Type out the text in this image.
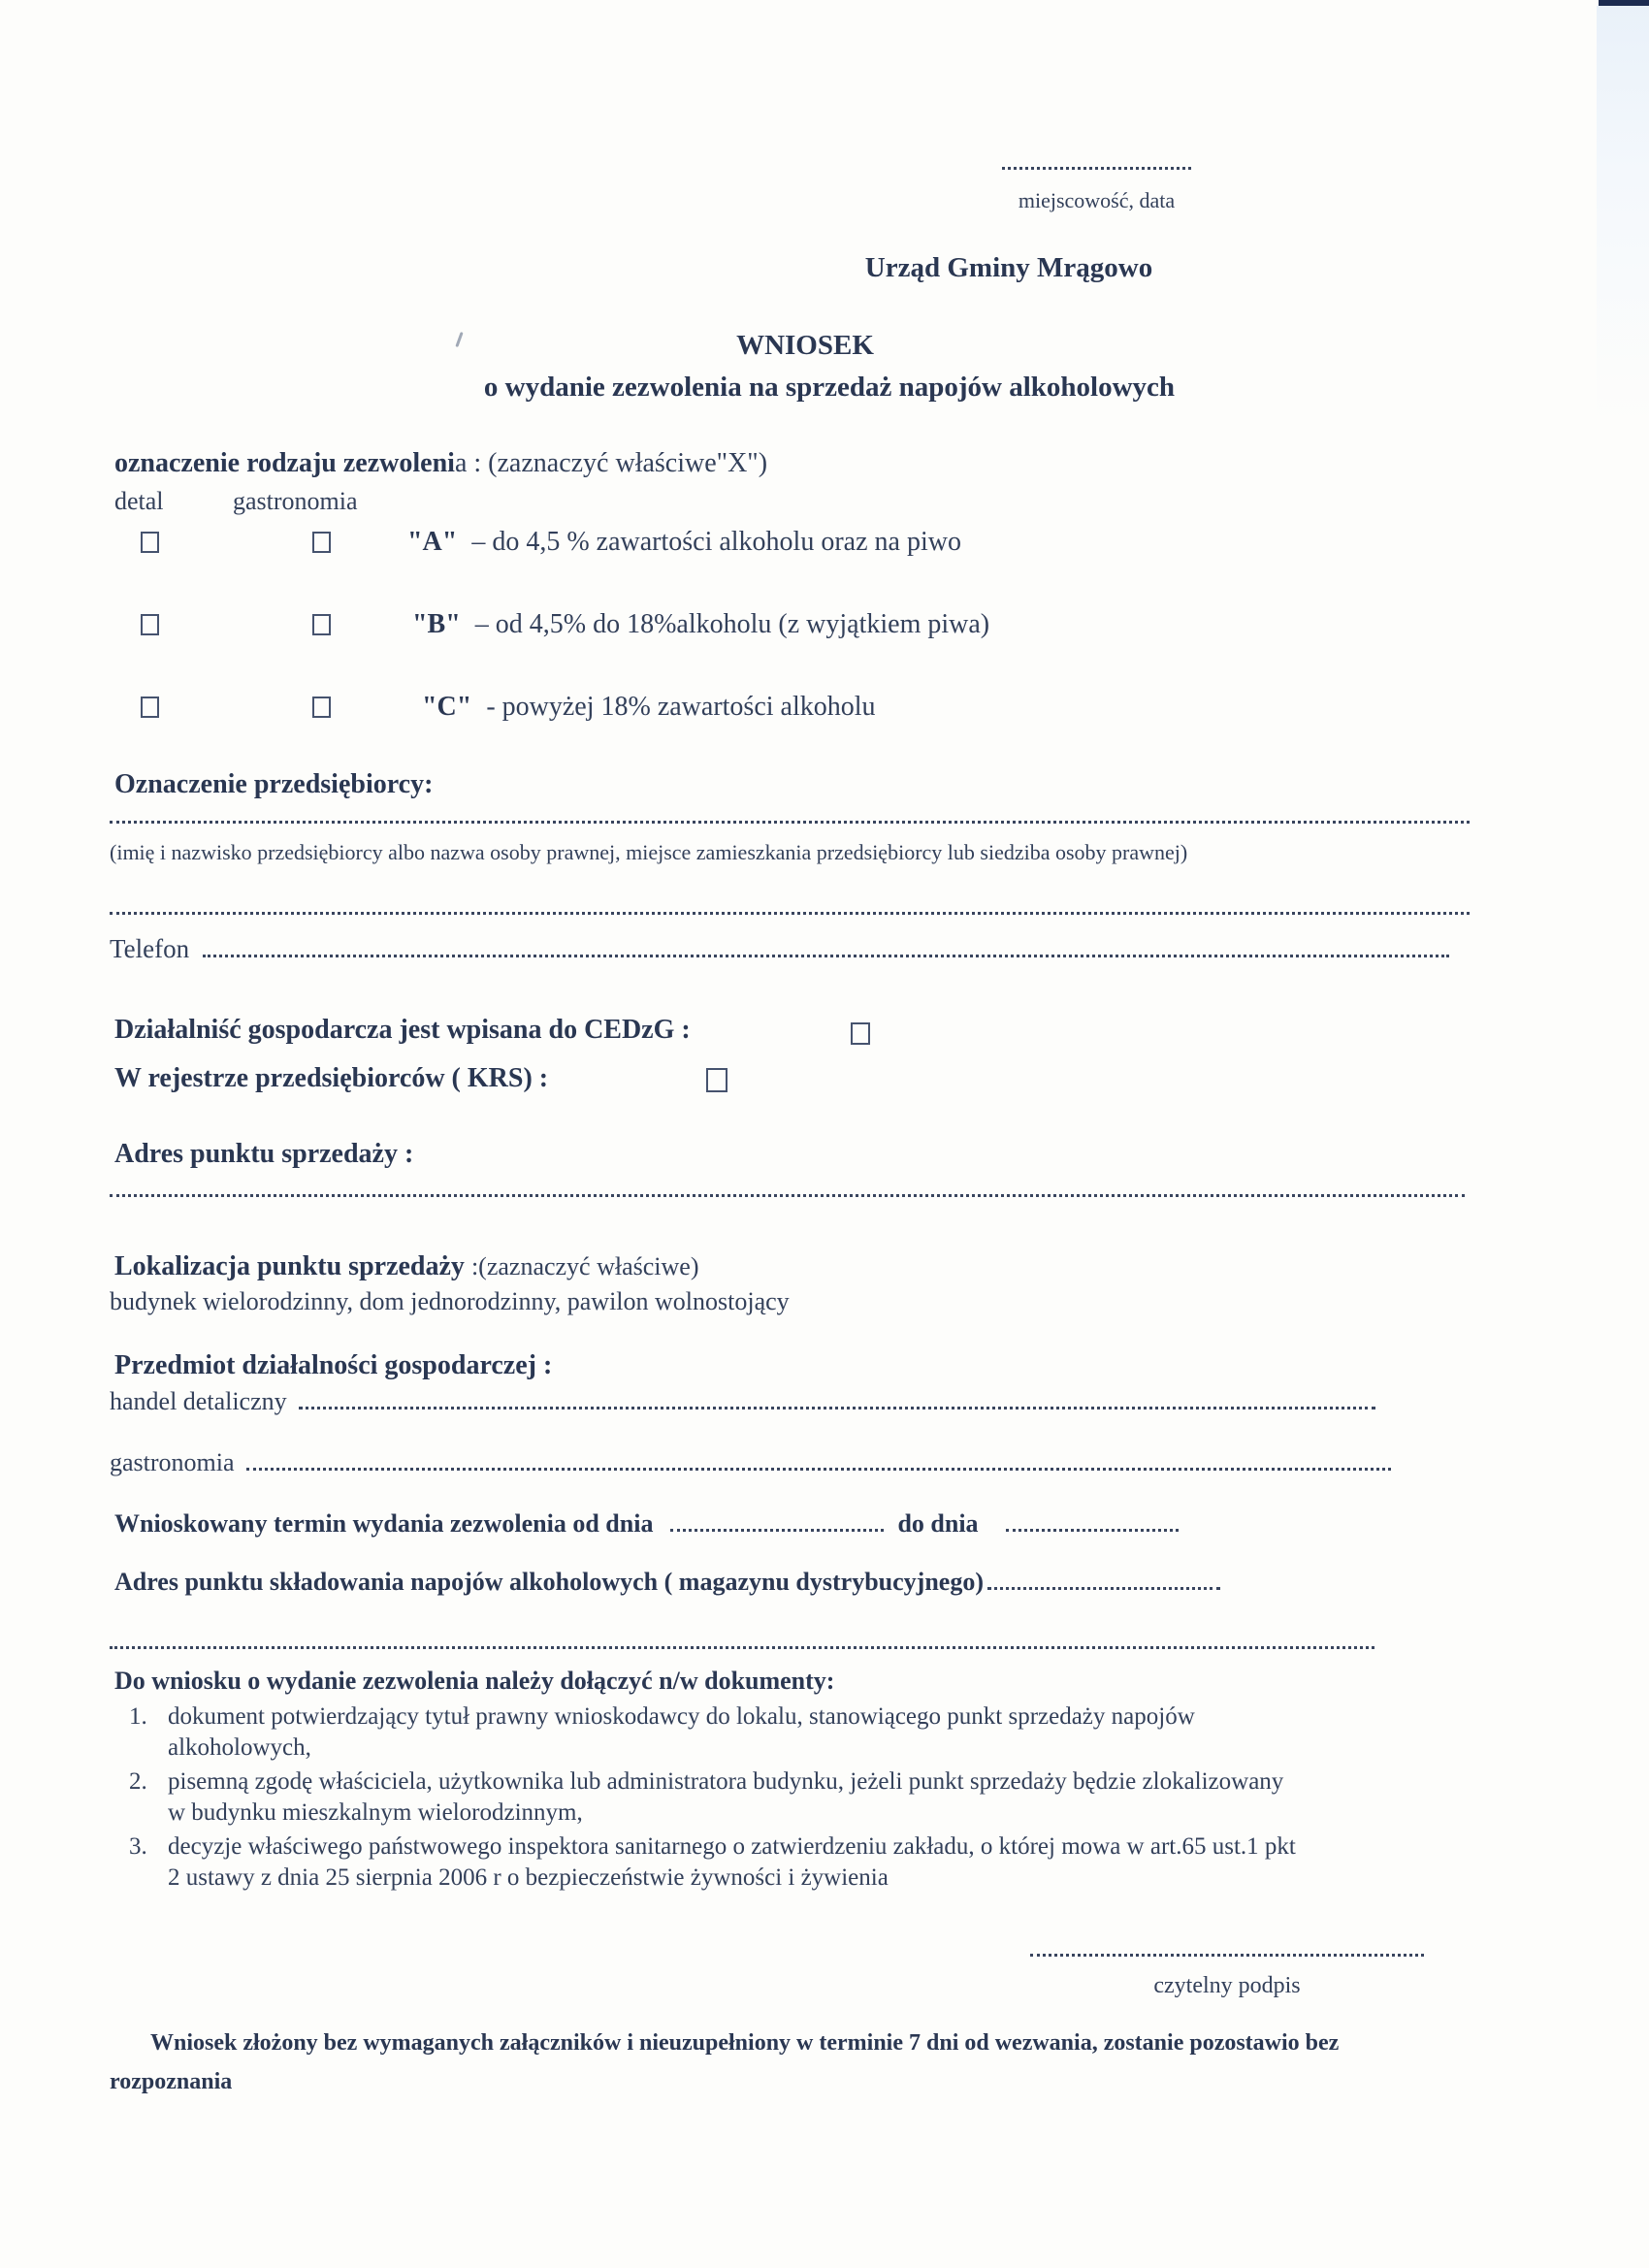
miejscowość, data
Urząd Gminy Mrągowo
WNIOSEK
o wydanie zezwolenia na sprzedaż napojów alkoholowych
oznaczenie rodzaju zezwolenia : (zaznaczyć właściwe"X")
detal	gastronomia
"A" – do 4,5 % zawartości alkoholu oraz na piwo
"B" – od 4,5% do 18%alkoholu (z wyjątkiem piwa)
"C" - powyżej 18% zawartości alkoholu
Oznaczenie przedsiębiorcy:
(imię i nazwisko przedsiębiorcy albo nazwa osoby prawnej, miejsce zamieszkania przedsiębiorcy lub siedziba osoby prawnej)
Telefon
Działalniść gospodarcza jest wpisana do CEDzG :
W rejestrze przedsiębiorców ( KRS) :
Adres punktu sprzedaży :
Lokalizacja punktu sprzedaży :(zaznaczyć właściwe)
budynek wielorodzinny, dom jednorodzinny, pawilon wolnostojący
Przedmiot działalności gospodarczej :
handel detaliczny
gastronomia
Wnioskowany termin wydania zezwolenia od dnia	do dnia
Adres punktu składowania napojów alkoholowych ( magazynu dystrybucyjnego)
Do wniosku o wydanie zezwolenia należy dołączyć n/w dokumenty:
1. dokument potwierdzający tytuł prawny wnioskodawcy do lokalu, stanowiącego punkt sprzedaży napojów
alkoholowych,
2. pisemną zgodę właściciela, użytkownika lub administratora budynku, jeżeli punkt sprzedaży będzie zlokalizowany
w budynku mieszkalnym wielorodzinnym,
3. decyzje właściwego państwowego inspektora sanitarnego o zatwierdzeniu zakładu, o której mowa w art.65 ust.1 pkt
2 ustawy z dnia 25 sierpnia 2006 r o bezpieczeństwie żywności i żywienia
czytelny podpis
Wniosek złożony bez wymaganych załączników i nieuzupełniony w terminie 7 dni od wezwania, zostanie pozostawio bez rozpoznania
